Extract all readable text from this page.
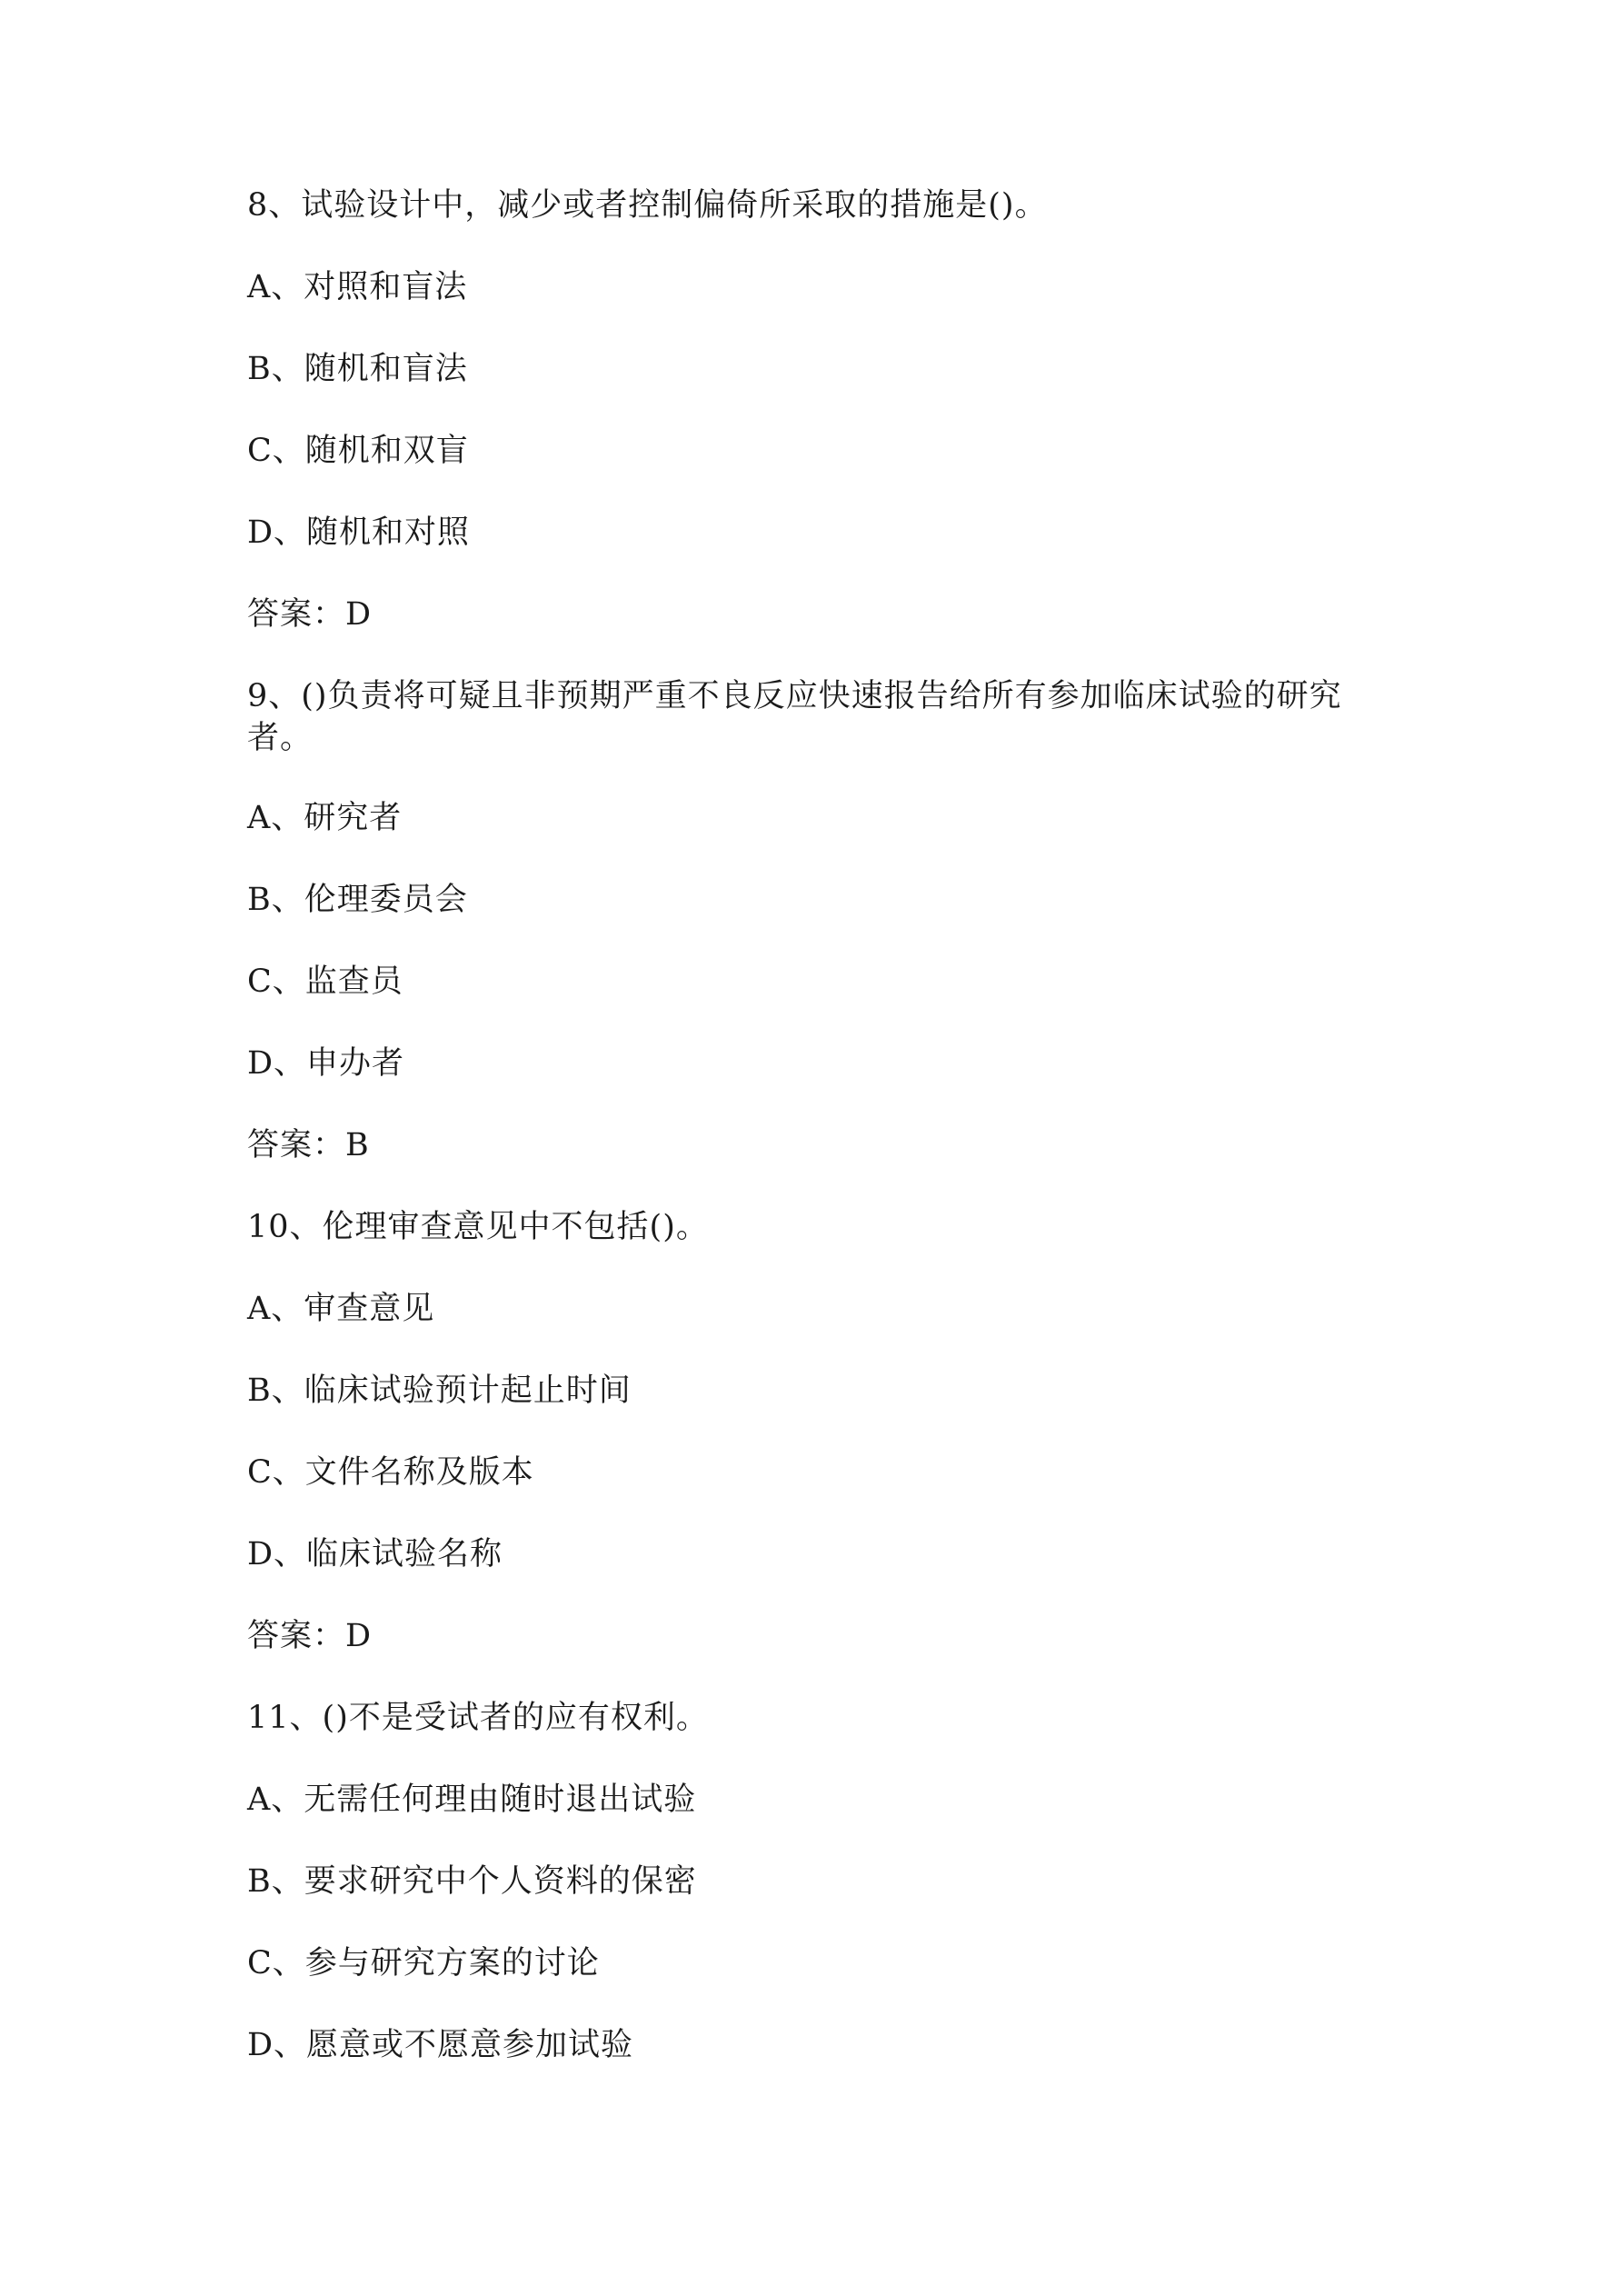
8、试验设计中，减少或者控制偏倚所采取的措施是()。
A、对照和盲法
B、随机和盲法
C、随机和双盲
D、随机和对照
答案：D
9、()负责将可疑且非预期严重不良反应快速报告给所有参加临床试验的研究
者。
A、研究者
B、伦理委员会
C、监查员
D、申办者
答案：B
10、伦理审查意见中不包括()。
A、审查意见
B、临床试验预计起止时间
C、文件名称及版本
D、临床试验名称
答案：D
11、()不是受试者的应有权利。
A、无需任何理由随时退出试验
B、要求研究中个人资料的保密
C、参与研究方案的讨论
D、愿意或不愿意参加试验
